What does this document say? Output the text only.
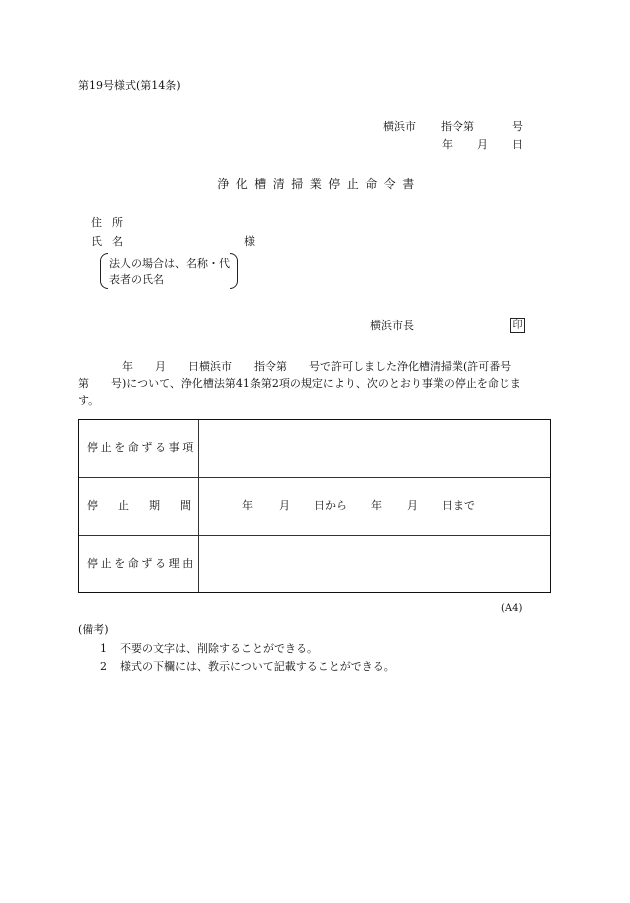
第19号様式(第14条)
横浜市 指令第	号
年 月 日
浄化槽清掃業停止命令書
住所
氏名	様
法人の場合は、名称・代
表者の氏名
横浜市長	印
　　　　年　　月　　日横浜市　　指令第　　号で許可しました浄化槽清掃業(許可番号
第　　号)について、浄化槽法第41条第2項の規定により、次のとおり事業の停止を命じま
す。
停止を命ずる事項
停 止 期 間	年 月 日から 年 月 日まで
停止を命ずる理由
(A4)
(備考)
1 不要の文字は、削除することができる。
2 様式の下欄には、教示について記載することができる。
